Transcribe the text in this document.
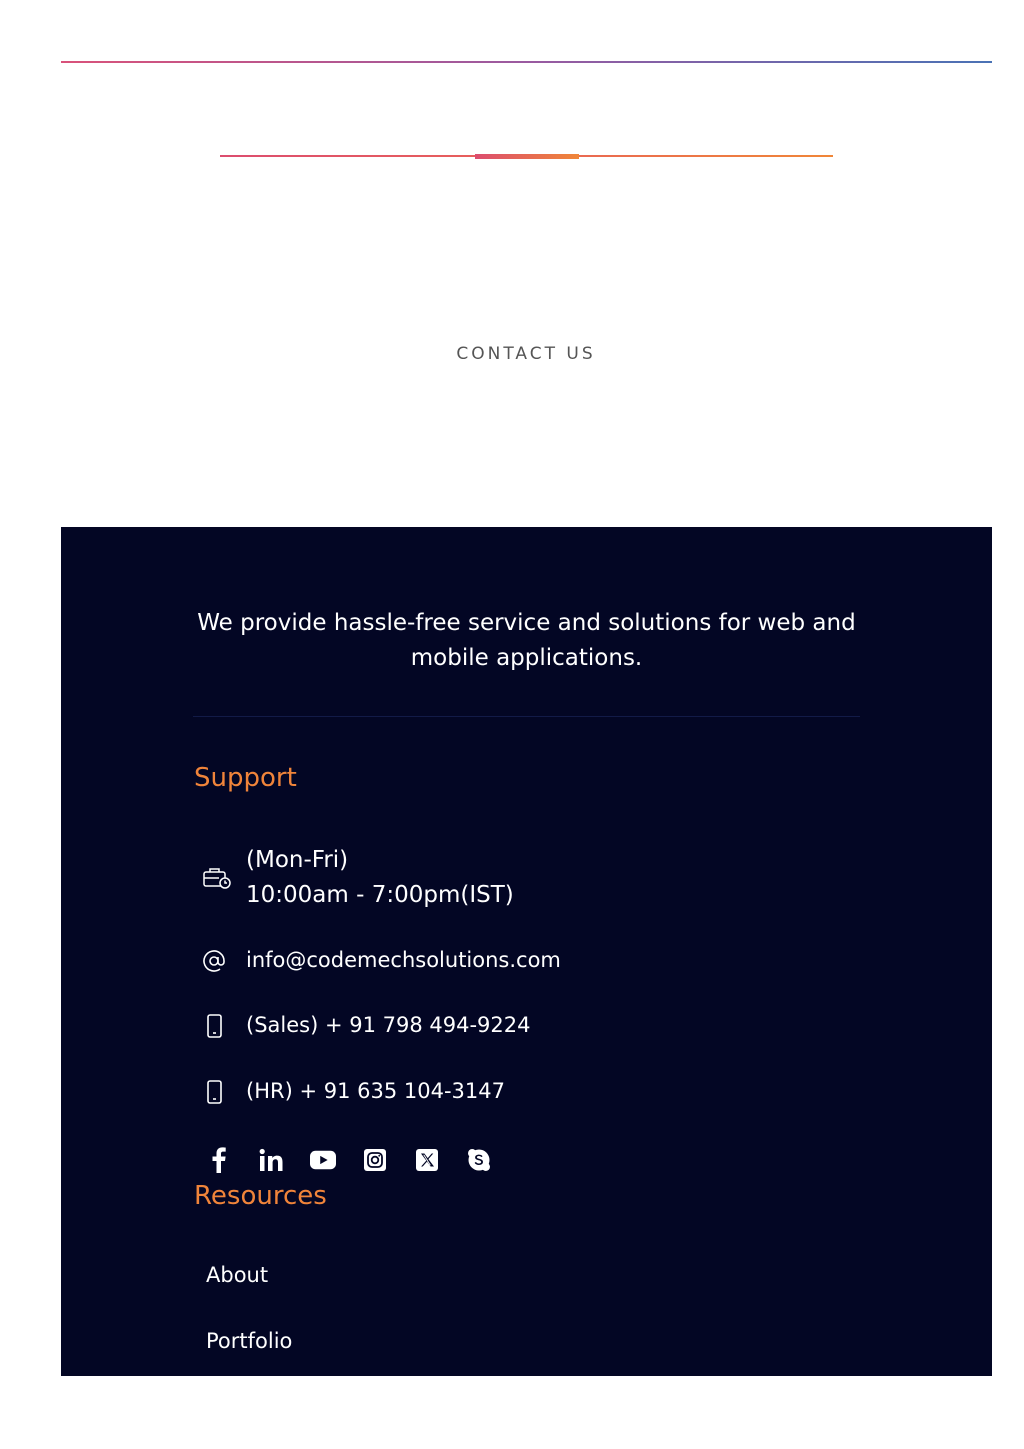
CONTACT US
We provide hassle-free service and solutions for web and mobile applications.
Support
(Mon-Fri)
10:00am - 7:00pm(IST)
info@codemechsolutions.com
(Sales) + 91 798 494-9224
(HR) + 91 635 104-3147
Resources
About
Portfolio
